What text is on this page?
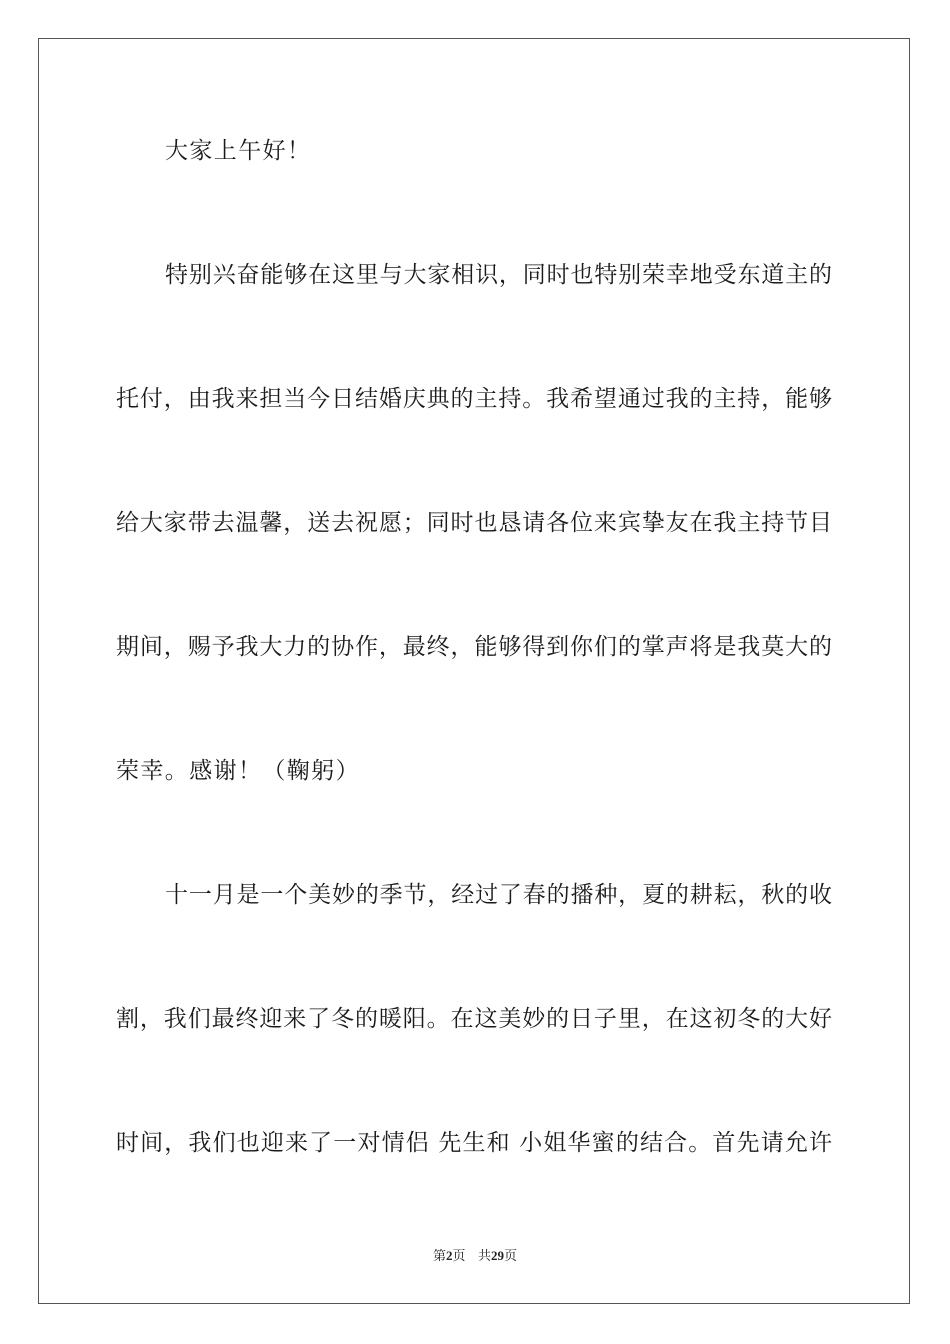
大家上午好！
特别兴奋能够在这里与大家相识，同时也特别荣幸地受东道主的
托付，由我来担当今日结婚庆典的主持。我希望通过我的主持，能够
给大家带去温馨，送去祝愿；同时也恳请各位来宾挚友在我主持节目
期间，赐予我大力的协作，最终，能够得到你们的掌声将是我莫大的
荣幸。感谢！（鞠躬）
十一月是一个美妙的季节，经过了春的播种，夏的耕耘，秋的收
割，我们最终迎来了冬的暖阳。在这美妙的日子里，在这初冬的大好
时间，我们也迎来了一对情侣 先生和 小姐华蜜的结合。首先请允许
第2页 共29页
